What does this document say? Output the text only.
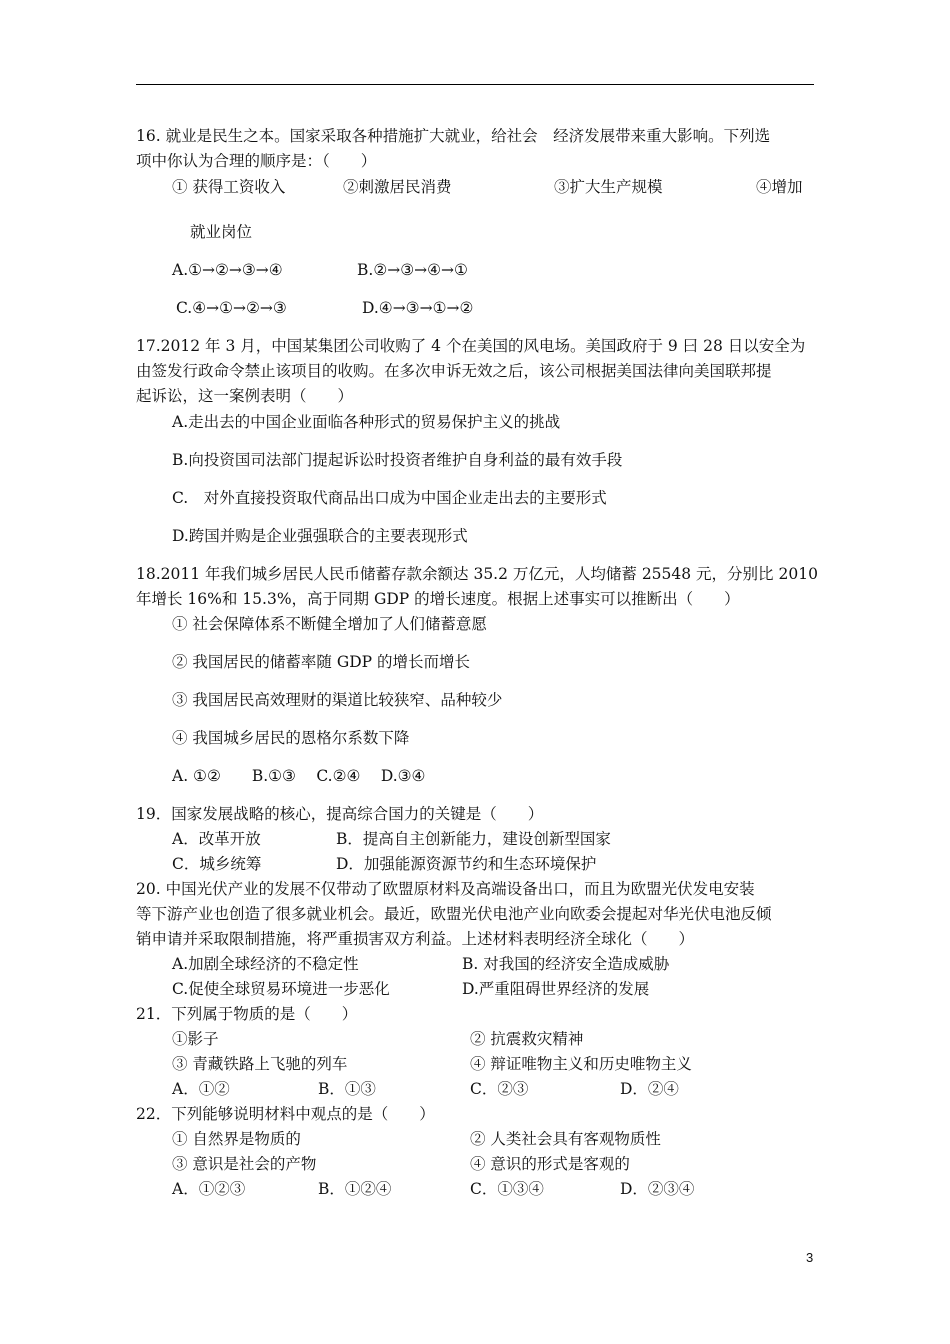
16. 就业是民生之本。国家采取各种措施扩大就业，给社会　经济发展带来重大影响。下列选
项中你认为合理的顺序是：（　　）
① 获得工资收入	②刺激居民消费	③扩大生产规模	④增加
就业岗位
A.①→②→③→④	B.②→③→④→①
C.④→①→②→③	D.④→③→①→②
17.2012 年 3 月，中国某集团公司收购了 4 个在美国的风电场。美国政府于 9 曰 28 日以安全为
由签发行政命令禁止该项目的收购。在多次申诉无效之后，该公司根据美国法律向美国联邦提
起诉讼，这一案例表明（　　）
A.走出去的中国企业面临各种形式的贸易保护主义的挑战
B.向投资国司法部门提起诉讼时投资者维护自身利益的最有效手段
C.　对外直接投资取代商品出口成为中国企业走出去的主要形式
D.跨国并购是企业强强联合的主要表现形式
18.2011 年我们城乡居民人民币储蓄存款余额达 35.2 万亿元，人均储蓄 25548 元，分别比 2010
年增长 16%和 15.3%，高于同期 GDP 的增长速度。根据上述事实可以推断出（　　）
① 社会保障体系不断健全增加了人们储蓄意愿
② 我国居民的储蓄率随 GDP 的增长而增长
③ 我国居民高效理财的渠道比较狭窄、品种较少
④ 我国城乡居民的恩格尔系数下降
A. ①②　　B.①③　 C.②④　 D.③④
19．国家发展战略的核心，提高综合国力的关键是（　　）
A．改革开放	B．提高自主创新能力，建设创新型国家
C．城乡统筹	D．加强能源资源节约和生态环境保护
20. 中国光伏产业的发展不仅带动了欧盟原材料及高端设备出口，而且为欧盟光伏发电安装
等下游产业也创造了很多就业机会。最近，欧盟光伏电池产业向欧委会提起对华光伏电池反倾
销申请并采取限制措施，将严重损害双方利益。上述材料表明经济全球化（　　）
A.加剧全球经济的不稳定性	B. 对我国的经济安全造成威胁
C.促使全球贸易环境进一步恶化	D.严重阻碍世界经济的发展
21．下列属于物质的是（　　）
①影子	② 抗震救灾精神
③ 青藏铁路上飞驰的列车	④ 辩证唯物主义和历史唯物主义
A．①②	B．①③	C．②③	D．②④
22．下列能够说明材料中观点的是（　　）
① 自然界是物质的	② 人类社会具有客观物质性
③ 意识是社会的产物	④ 意识的形式是客观的
A．①②③	B．①②④	C．①③④	D．②③④
3
